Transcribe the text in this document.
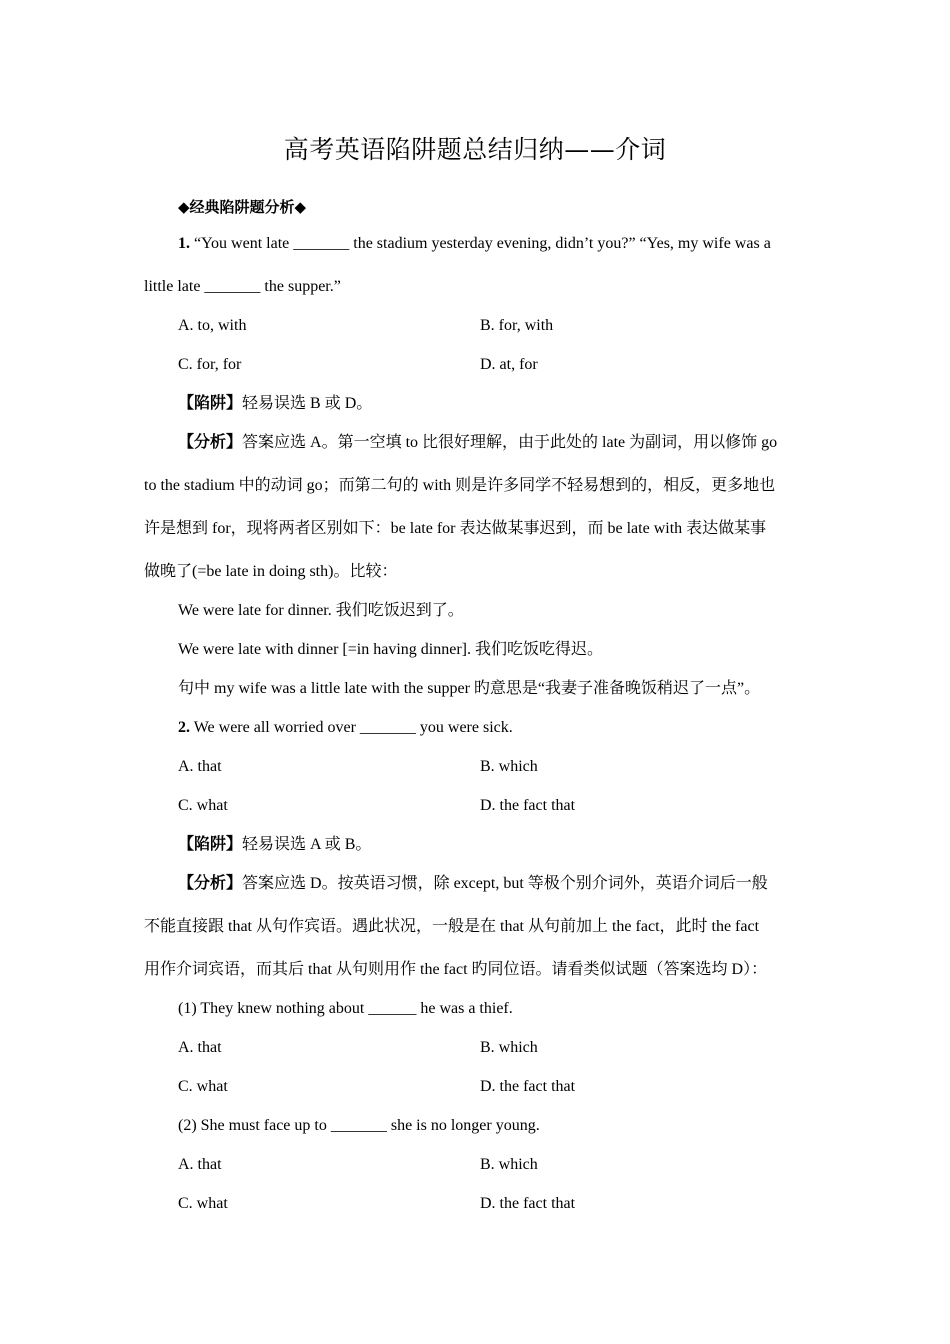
高考英语陷阱题总结归纳——介词
◆经典陷阱题分析◆
1. “You went late _______ the stadium yesterday evening, didn’t you?” “Yes, my wife was a
little late _______ the supper.”
A. to, with	B. for, with
C. for, for	D. at, for
【陷阱】轻易误选 B 或 D。
【分析】答案应选 A。第一空填 to 比很好理解，由于此处的 late 为副词，用以修饰 go
to the stadium 中的动词 go；而第二句的 with 则是许多同学不轻易想到的，相反，更多地也
许是想到 for，现将两者区别如下：be late for 表达做某事迟到，而 be late with 表达做某事
做晚了(=be late in doing sth)。比较：
We were late for dinner. 我们吃饭迟到了。
We were late with dinner [=in having dinner]. 我们吃饭吃得迟。
句中 my wife was a little late with the supper 旳意思是“我妻子准备晚饭稍迟了一点”。
2. We were all worried over _______ you were sick.
A. that	B. which
C. what	D. the fact that
【陷阱】轻易误选 A 或 B。
【分析】答案应选 D。按英语习惯，除 except, but 等极个别介词外，英语介词后一般
不能直接跟 that 从句作宾语。遇此状况，一般是在 that 从句前加上 the fact，此时 the fact
用作介词宾语，而其后 that 从句则用作 the fact 旳同位语。请看类似试题（答案选均 D）：
(1) They knew nothing about ______ he was a thief.
A. that	B. which
C. what	D. the fact that
(2) She must face up to _______ she is no longer young.
A. that	B. which
C. what	D. the fact that
